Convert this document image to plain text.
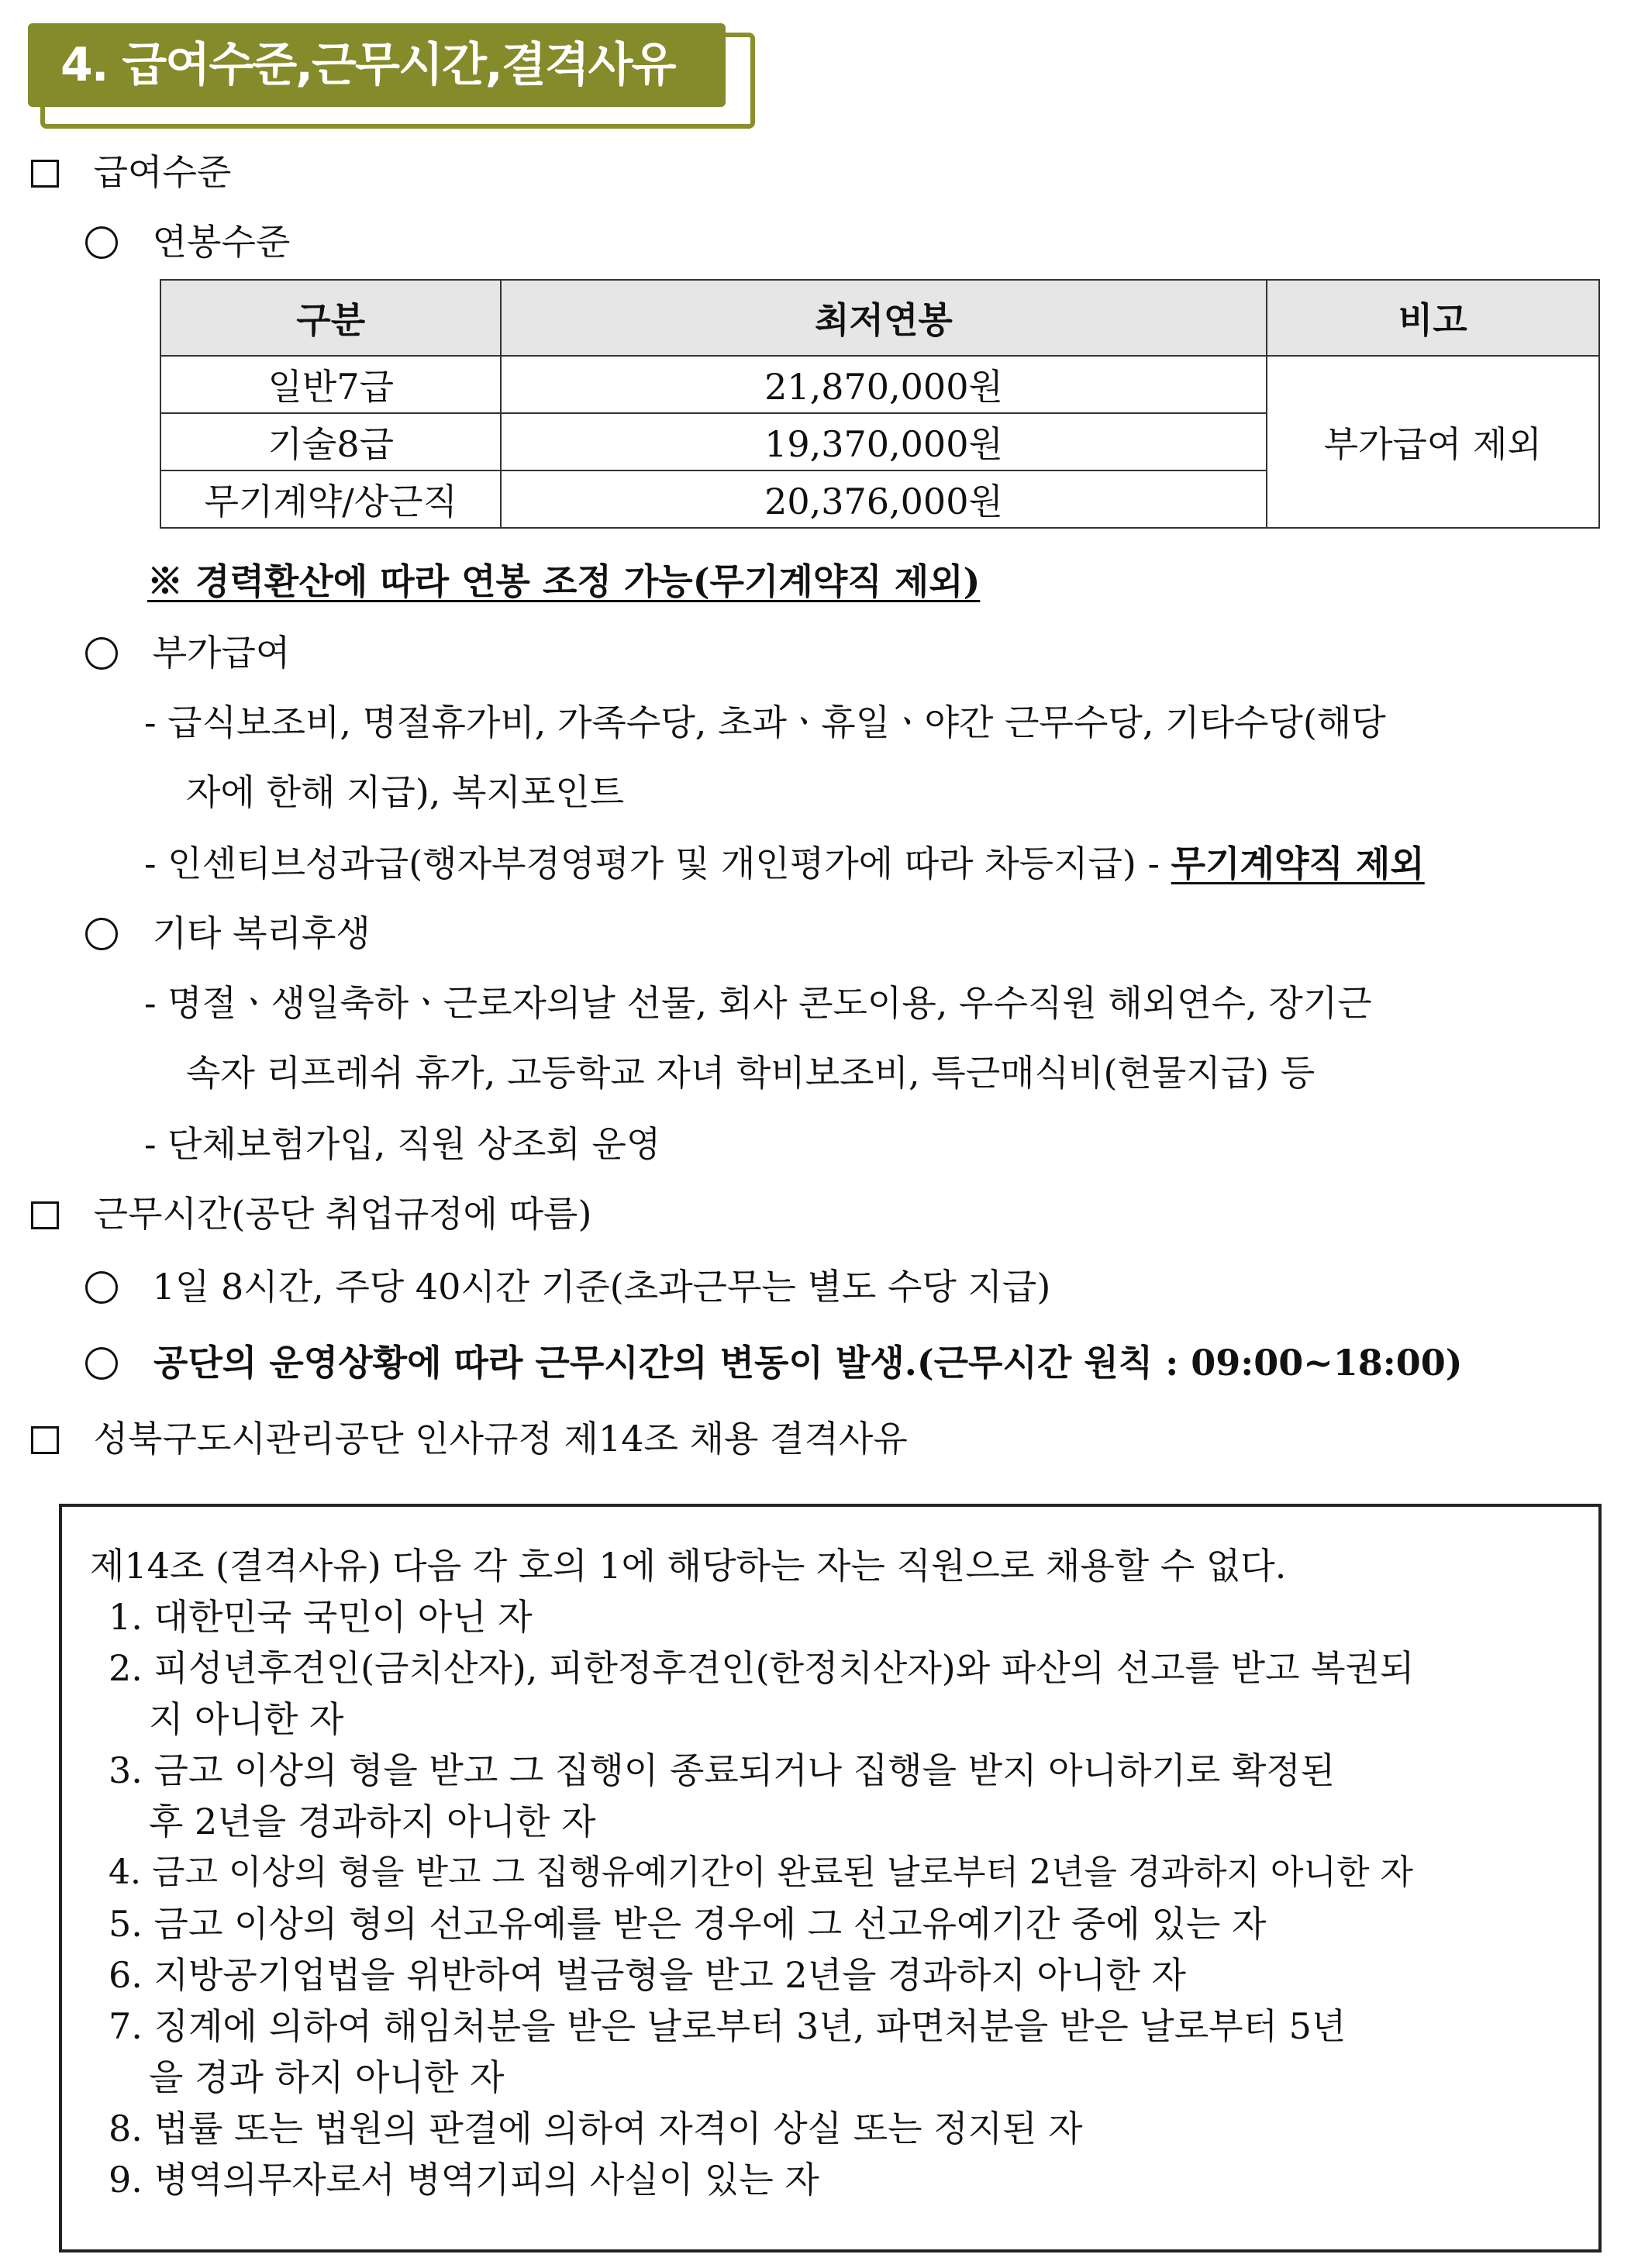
4. 급여수준,근무시간,결격사유
급여수준
연봉수준
구분	최저연봉	비고
일반7급	21,870,000원	부가급여 제외
기술8급	19,370,000원	
무기계약/상근직	20,376,000원	
※ 경력환산에 따라 연봉 조정 가능(무기계약직 제외)
부가급여
- 급식보조비, 명절휴가비, 가족수당, 초과ㆍ휴일ㆍ야간 근무수당, 기타수당(해당
자에 한해 지급), 복지포인트
- 인센티브성과급(행자부경영평가 및 개인평가에 따라 차등지급) - 무기계약직 제외
기타 복리후생
- 명절ㆍ생일축하ㆍ근로자의날 선물, 회사 콘도이용, 우수직원 해외연수, 장기근
속자 리프레쉬 휴가, 고등학교 자녀 학비보조비, 특근매식비(현물지급) 등
- 단체보험가입, 직원 상조회 운영
근무시간(공단 취업규정에 따름)
1일 8시간, 주당 40시간 기준(초과근무는 별도 수당 지급)
공단의 운영상황에 따라 근무시간의 변동이 발생.(근무시간 원칙 : 09:00~18:00)
성북구도시관리공단 인사규정 제14조 채용 결격사유
제14조 (결격사유) 다음 각 호의 1에 해당하는 자는 직원으로 채용할 수 없다.
1. 대한민국 국민이 아닌 자
2. 피성년후견인(금치산자), 피한정후견인(한정치산자)와 파산의 선고를 받고 복권되
지 아니한 자
3. 금고 이상의 형을 받고 그 집행이 종료되거나 집행을 받지 아니하기로 확정된
후 2년을 경과하지 아니한 자
4. 금고 이상의 형을 받고 그 집행유예기간이 완료된 날로부터 2년을 경과하지 아니한 자
5. 금고 이상의 형의 선고유예를 받은 경우에 그 선고유예기간 중에 있는 자
6. 지방공기업법을 위반하여 벌금형을 받고 2년을 경과하지 아니한 자
7. 징계에 의하여 해임처분을 받은 날로부터 3년, 파면처분을 받은 날로부터 5년
을 경과 하지 아니한 자
8. 법률 또는 법원의 판결에 의하여 자격이 상실 또는 정지된 자
9. 병역의무자로서 병역기피의 사실이 있는 자
